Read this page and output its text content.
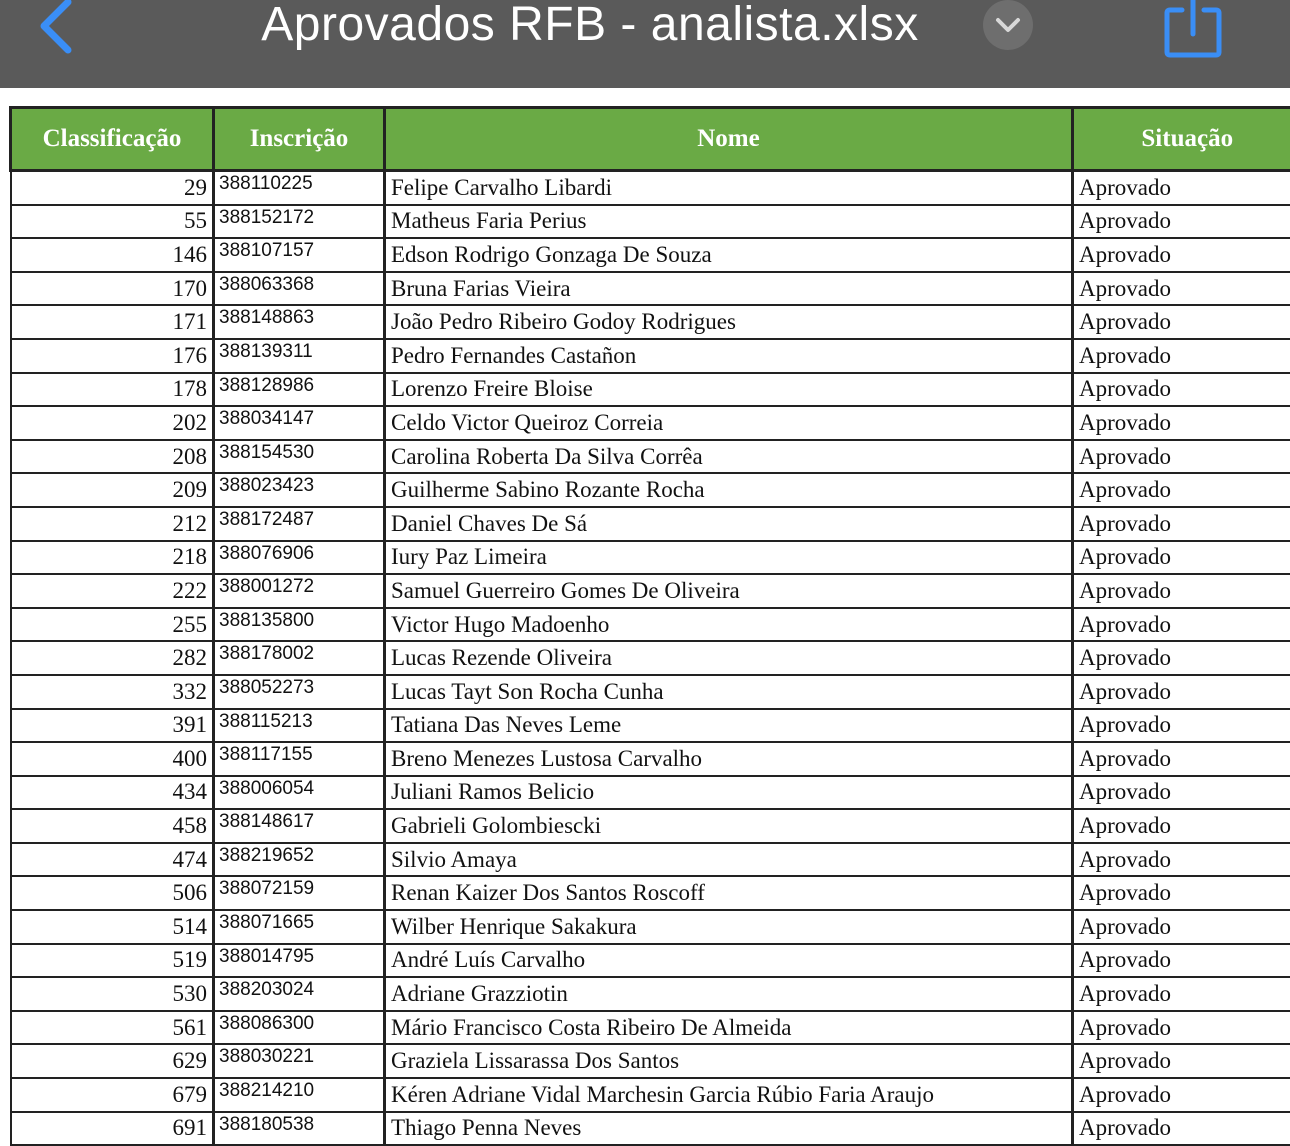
Aprovados RFB - analista.xlsx
Classificação	Inscrição	Nome	Situação
29	388110225	Felipe Carvalho Libardi	Aprovado
55	388152172	Matheus Faria Perius	Aprovado
146	388107157	Edson Rodrigo Gonzaga De Souza	Aprovado
170	388063368	Bruna Farias Vieira	Aprovado
171	388148863	João Pedro Ribeiro Godoy Rodrigues	Aprovado
176	388139311	Pedro Fernandes Castañon	Aprovado
178	388128986	Lorenzo Freire Bloise	Aprovado
202	388034147	Celdo Victor Queiroz Correia	Aprovado
208	388154530	Carolina Roberta Da Silva Corrêa	Aprovado
209	388023423	Guilherme Sabino Rozante Rocha	Aprovado
212	388172487	Daniel Chaves De Sá	Aprovado
218	388076906	Iury Paz Limeira	Aprovado
222	388001272	Samuel Guerreiro Gomes De Oliveira	Aprovado
255	388135800	Victor Hugo Madoenho	Aprovado
282	388178002	Lucas Rezende Oliveira	Aprovado
332	388052273	Lucas Tayt Son Rocha Cunha	Aprovado
391	388115213	Tatiana Das Neves Leme	Aprovado
400	388117155	Breno Menezes Lustosa Carvalho	Aprovado
434	388006054	Juliani Ramos Belicio	Aprovado
458	388148617	Gabrieli Golombiescki	Aprovado
474	388219652	Silvio Amaya	Aprovado
506	388072159	Renan Kaizer Dos Santos Roscoff	Aprovado
514	388071665	Wilber Henrique Sakakura	Aprovado
519	388014795	André Luís Carvalho	Aprovado
530	388203024	Adriane Grazziotin	Aprovado
561	388086300	Mário Francisco Costa Ribeiro De Almeida	Aprovado
629	388030221	Graziela Lissarassa Dos Santos	Aprovado
679	388214210	Kéren Adriane Vidal Marchesin Garcia Rúbio Faria Araujo	Aprovado
691	388180538	Thiago Penna Neves	Aprovado
